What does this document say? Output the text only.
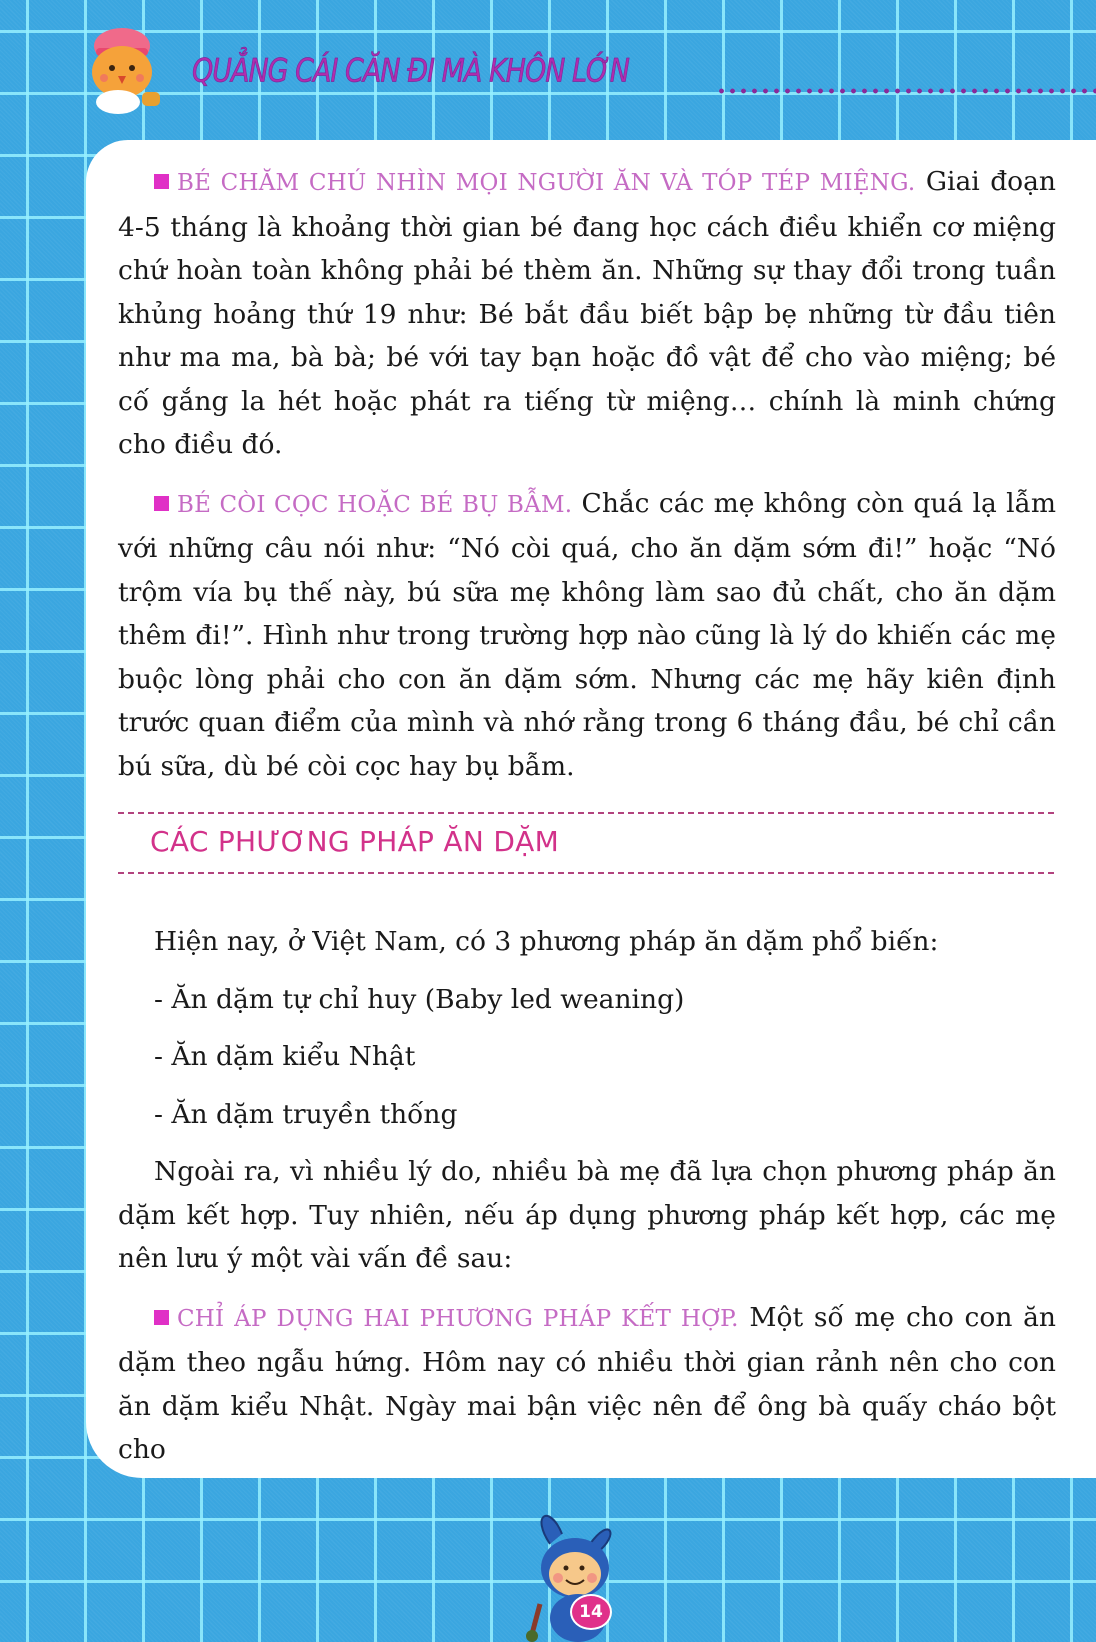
QUẲNG CÁI CĂN ĐI MÀ KHÔN LỚN

BÉ CHĂM CHÚ NHÌN MỌI NGƯỜI ĂN VÀ TÓP TÉP MIỆNG. Giai đoạn 4-5 tháng là khoảng thời gian bé đang học cách điều khiển cơ miệng chứ hoàn toàn không phải bé thèm ăn. Những sự thay đổi trong tuần khủng hoảng thứ 19 như: Bé bắt đầu biết bập bẹ những từ đầu tiên như ma ma, bà bà; bé với tay bạn hoặc đồ vật để cho vào miệng; bé cố gắng la hét hoặc phát ra tiếng từ miệng… chính là minh chứng cho điều đó.

BÉ CÒI CỌC HOẶC BÉ BỤ BẪM. Chắc các mẹ không còn quá lạ lẫm với những câu nói như: “Nó còi quá, cho ăn dặm sớm đi!” hoặc “Nó trộm vía bụ thế này, bú sữa mẹ không làm sao đủ chất, cho ăn dặm thêm đi!”. Hình như trong trường hợp nào cũng là lý do khiến các mẹ buộc lòng phải cho con ăn dặm sớm. Nhưng các mẹ hãy kiên định trước quan điểm của mình và nhớ rằng trong 6 tháng đầu, bé chỉ cần bú sữa, dù bé còi cọc hay bụ bẫm.

CÁC PHƯƠNG PHÁP ĂN DẶM

Hiện nay, ở Việt Nam, có 3 phương pháp ăn dặm phổ biến:

- Ăn dặm tự chỉ huy (Baby led weaning)

- Ăn dặm kiểu Nhật

- Ăn dặm truyền thống

Ngoài ra, vì nhiều lý do, nhiều bà mẹ đã lựa chọn phương pháp ăn dặm kết hợp. Tuy nhiên, nếu áp dụng phương pháp kết hợp, các mẹ nên lưu ý một vài vấn đề sau:

CHỈ ÁP DỤNG HAI PHƯƠNG PHÁP KẾT HỢP. Một số mẹ cho con ăn dặm theo ngẫu hứng. Hôm nay có nhiều thời gian rảnh nên cho con ăn dặm kiểu Nhật. Ngày mai bận việc nên để ông bà quấy cháo bột cho

14
